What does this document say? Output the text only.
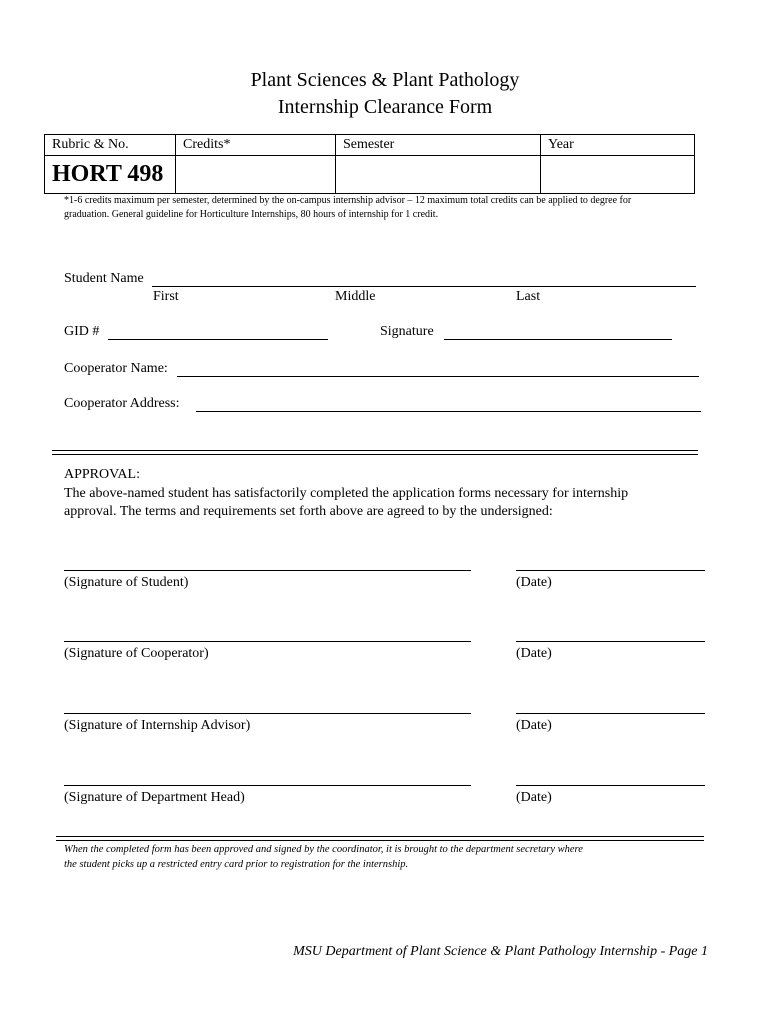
Plant Sciences & Plant Pathology
Internship Clearance Form
Rubric & No.	Credits*	Semester	Year
HORT 498			
*1-6 credits maximum per semester, determined by the on-campus internship advisor – 12 maximum total credits can be applied to degree for
graduation. General guideline for Horticulture Internships, 80 hours of internship for 1 credit.
Student Name
First	Middle	Last
GID #	Signature
Cooperator Name:
Cooperator Address:
APPROVAL:
The above-named student has satisfactorily completed the application forms necessary for internship
approval. The terms and requirements set forth above are agreed to by the undersigned:
(Signature of Student)	(Date)
(Signature of Cooperator)	(Date)
(Signature of Internship Advisor)	(Date)
(Signature of Department Head)	(Date)
When the completed form has been approved and signed by the coordinator, it is brought to the department secretary where
the student picks up a restricted entry card prior to registration for the internship.
MSU Department of Plant Science & Plant Pathology Internship - Page 1
